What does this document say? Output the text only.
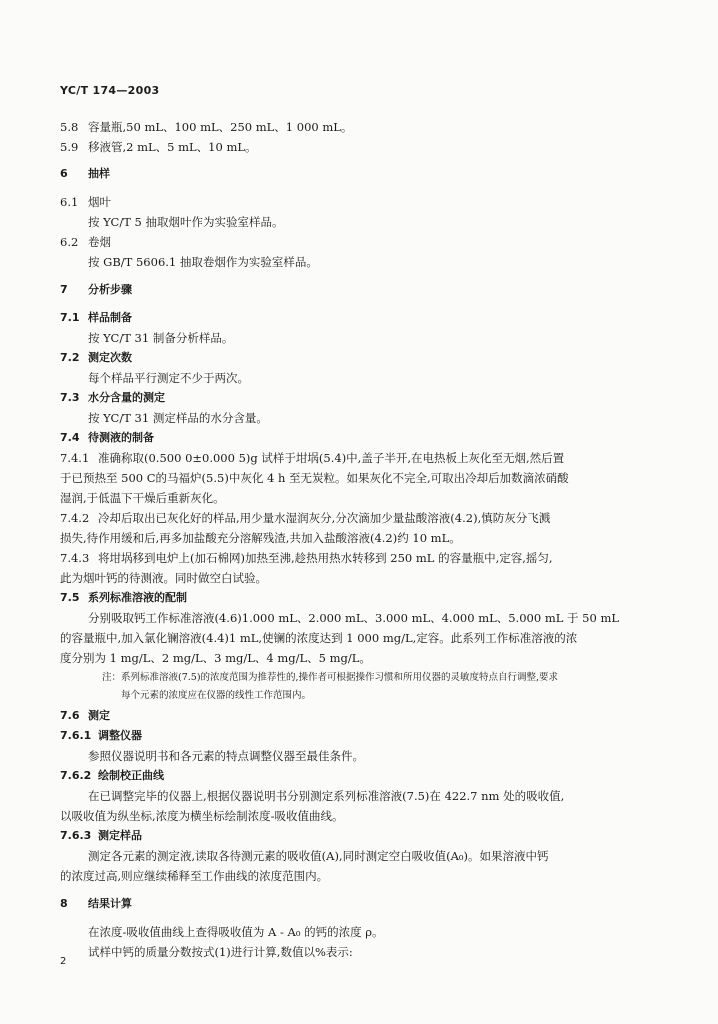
YC/T 174—2003
5.8 容量瓶,50 mL、100 mL、250 mL、1 000 mL。
5.9 移液管,2 mL、5 mL、10 mL。
6 抽样
6.1 烟叶
按 YC/T 5 抽取烟叶作为实验室样品。
6.2 卷烟
按 GB/T 5606.1 抽取卷烟作为实验室样品。
7 分析步骤
7.1 样品制备
按 YC/T 31 制备分析样品。
7.2 测定次数
每个样品平行测定不少于两次。
7.3 水分含量的测定
按 YC/T 31 测定样品的水分含量。
7.4 待测液的制备
7.4.1 准确称取(0.500 0±0.000 5)g 试样于坩埚(5.4)中,盖子半开,在电热板上灰化至无烟,然后置
于已预热至 500 C的马福炉(5.5)中灰化 4 h 至无炭粒。如果灰化不完全,可取出冷却后加数滴浓硝酸
湿润,于低温下干燥后重新灰化。
7.4.2 冷却后取出已灰化好的样品,用少量水湿润灰分,分次滴加少量盐酸溶液(4.2),慎防灰分飞溅
损失,待作用缓和后,再多加盐酸充分溶解残渣,共加入盐酸溶液(4.2)约 10 mL。
7.4.3 将坩埚移到电炉上(加石棉网)加热至沸,趁热用热水转移到 250 mL 的容量瓶中,定容,摇匀,
此为烟叶钙的待测液。同时做空白试验。
7.5 系列标准溶液的配制
分别吸取钙工作标准溶液(4.6)1.000 mL、2.000 mL、3.000 mL、4.000 mL、5.000 mL 于 50 mL
的容量瓶中,加入氯化镧溶液(4.4)1 mL,使镧的浓度达到 1 000 mg/L,定容。此系列工作标准溶液的浓
度分别为 1 mg/L、2 mg/L、3 mg/L、4 mg/L、5 mg/L。
注：系列标准溶液(7.5)的浓度范围为推荐性的,操作者可根据操作习惯和所用仪器的灵敏度特点自行调整,要求
　　每个元素的浓度应在仪器的线性工作范围内。
7.6 测定
7.6.1 调整仪器
参照仪器说明书和各元素的特点调整仪器至最佳条件。
7.6.2 绘制校正曲线
在已调整完毕的仪器上,根据仪器说明书分别测定系列标准溶液(7.5)在 422.7 nm 处的吸收值,
以吸收值为纵坐标,浓度为横坐标绘制浓度-吸收值曲线。
7.6.3 测定样品
测定各元素的测定液,读取各待测元素的吸收值(A),同时测定空白吸收值(A₀)。如果溶液中钙
的浓度过高,则应继续稀释至工作曲线的浓度范围内。
8 结果计算
在浓度-吸收值曲线上查得吸收值为 A - A₀ 的钙的浓度 ρ。
试样中钙的质量分数按式(1)进行计算,数值以%表示:
2
